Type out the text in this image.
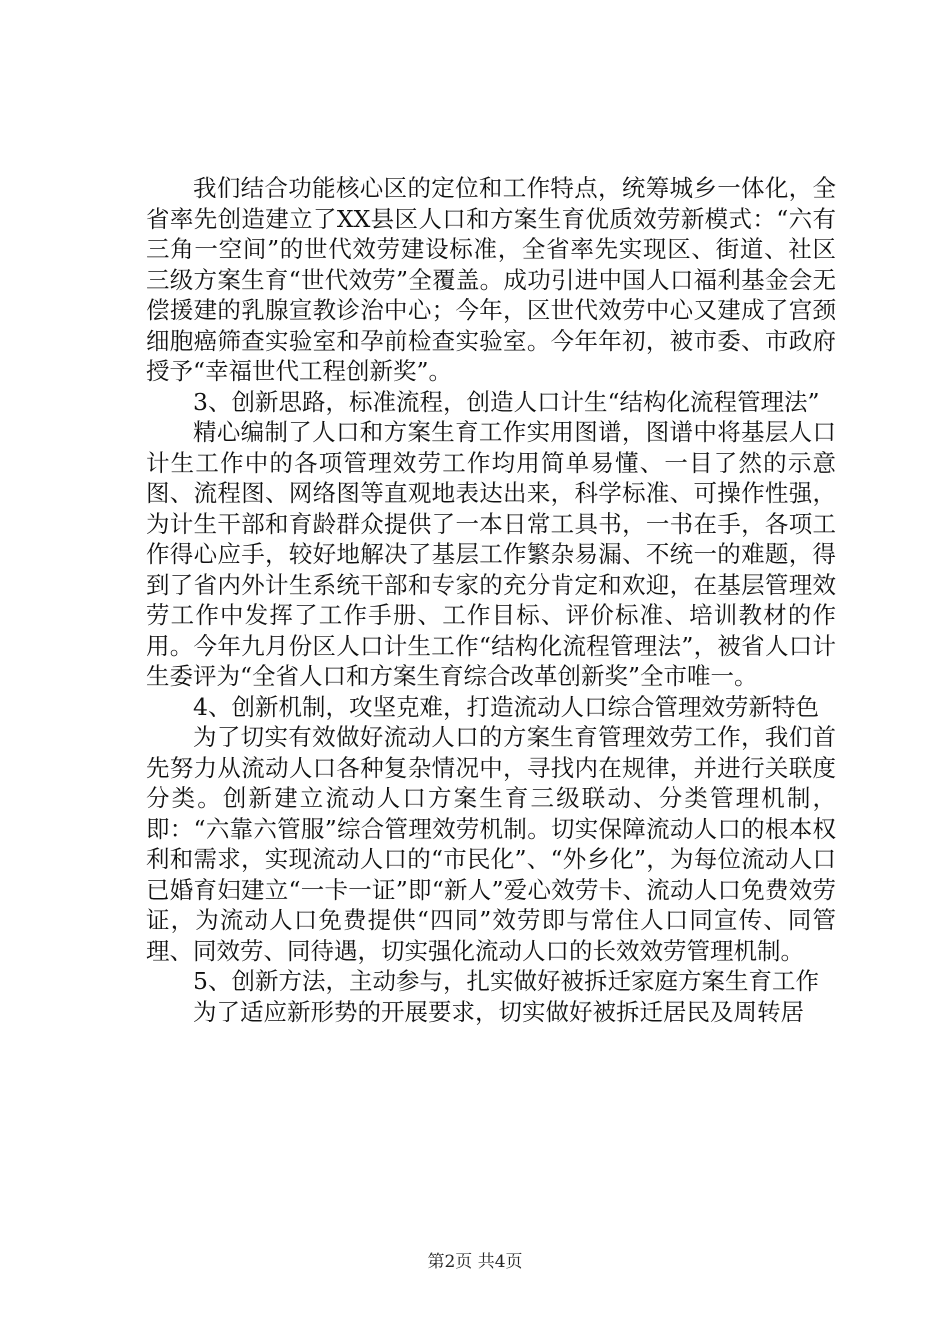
我们结合功能核心区的定位和工作特点，统筹城乡一体化，全省率先创造建立了XX县区人口和方案生育优质效劳新模式：“六有三角一空间”的世代效劳建设标准，全省率先实现区、街道、社区三级方案生育“世代效劳”全覆盖。成功引进中国人口福利基金会无偿援建的乳腺宣教诊治中心；今年，区世代效劳中心又建成了宫颈细胞癌筛查实验室和孕前检查实验室。今年年初，被市委、市政府授予“幸福世代工程创新奖”。

3、创新思路，标准流程，创造人口计生“结构化流程管理法”

精心编制了人口和方案生育工作实用图谱，图谱中将基层人口计生工作中的各项管理效劳工作均用简单易懂、一目了然的示意图、流程图、网络图等直观地表达出来，科学标准、可操作性强，为计生干部和育龄群众提供了一本日常工具书，一书在手，各项工作得心应手，较好地解决了基层工作繁杂易漏、不统一的难题，得到了省内外计生系统干部和专家的充分肯定和欢迎，在基层管理效劳工作中发挥了工作手册、工作目标、评价标准、培训教材的作用。今年九月份区人口计生工作“结构化流程管理法”，被省人口计生委评为“全省人口和方案生育综合改革创新奖”全市唯一。

4、创新机制，攻坚克难，打造流动人口综合管理效劳新特色

为了切实有效做好流动人口的方案生育管理效劳工作，我们首先努力从流动人口各种复杂情况中，寻找内在规律，并进行关联度分类。创新建立流动人口方案生育三级联动、分类管理机制，即：“六靠六管服”综合管理效劳机制。切实保障流动人口的根本权利和需求，实现流动人口的“市民化”、“外乡化”，为每位流动人口已婚育妇建立“一卡一证”即“新人”爱心效劳卡、流动人口免费效劳证，为流动人口免费提供“四同”效劳即与常住人口同宣传、同管理、同效劳、同待遇，切实强化流动人口的长效效劳管理机制。

5、创新方法，主动参与，扎实做好被拆迁家庭方案生育工作

为了适应新形势的开展要求，切实做好被拆迁居民及周转居

第2页 共4页
